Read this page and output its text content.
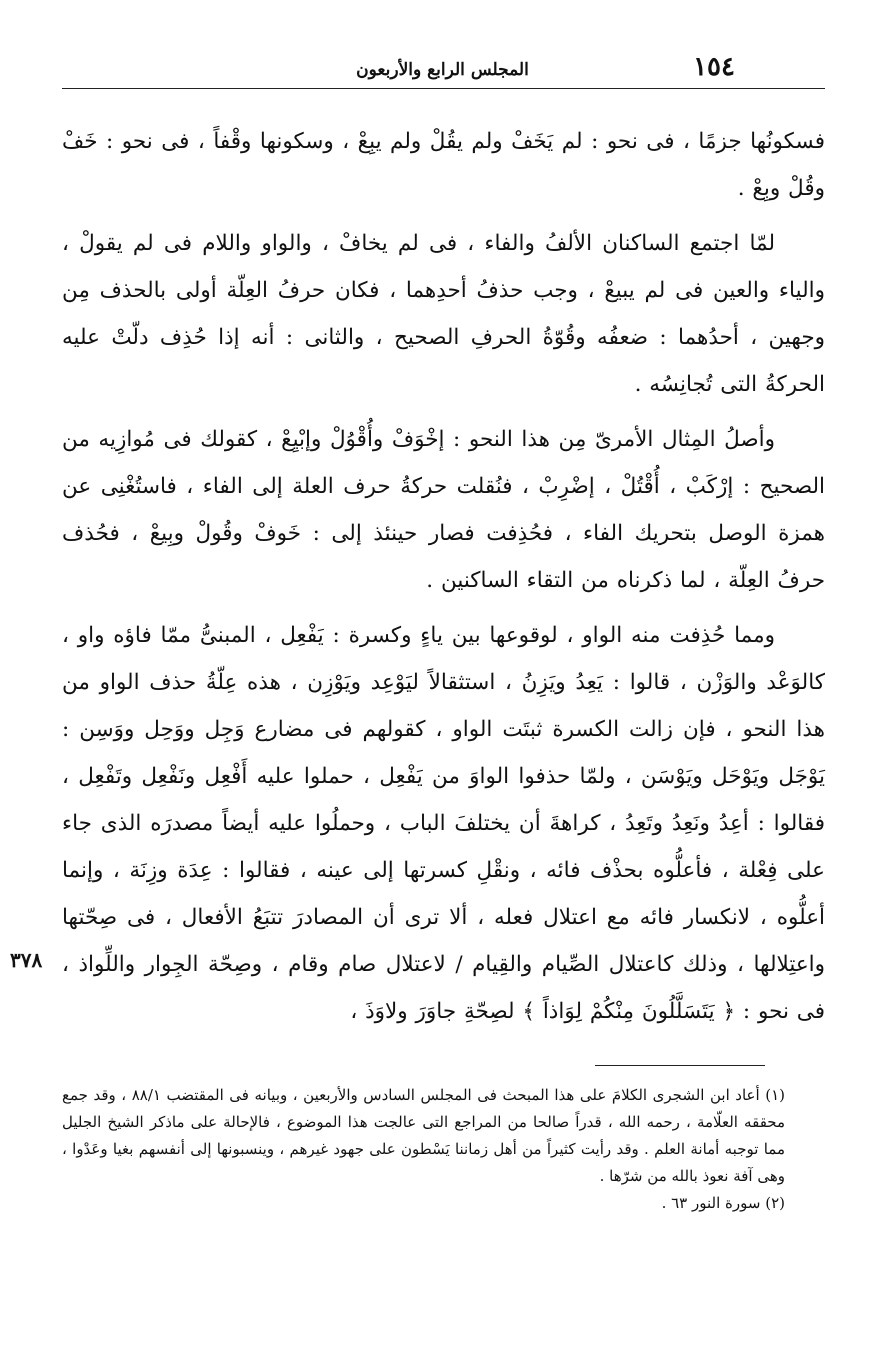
١٥٤
المجلس الرابع والأربعون

فسكونُها جزمًا ، فى نحو : لم يَخَفْ ولم يقُلْ ولم يبِعْ ، وسكونها وقْفاً ، فى نحو : خَفْ وقُلْ وبِعْ .

لمّا اجتمع الساكنان الألفُ والفاء ، فى لم يخافْ ، والواو واللام فى لم يقولْ ، والياء والعين فى لم يبيعْ ، وجب حذفُ أحدِهما ، فكان حرفُ العِلّة أولى بالحذف مِن وجهين ، أحدُهما : ضعفُه وقُوّةُ الحرفِ الصحيح ، والثانى : أنه إذا حُذِف دلّتْ عليه الحركةُ التى تُجانِسُه .

وأصلُ المِثال الأمرىّ مِن هذا النحو : إخْوَفْ وأُقْوُلْ وإبْيِعْ ، كقولك فى مُوازِيه من الصحيح : إرْكَبْ ، أُقْتُلْ ، إضْرِبْ ، فنُقلت حركةُ حرف العلة إلى الفاء ، فاستُغْنِى عن همزة الوصل بتحريك الفاء ، فحُذِفت فصار حينئذ إلى : خَوفْ وقُولْ وبِيعْ ، فحُذف حرفُ العِلّة ، لما ذكرناه من التقاء الساكنين .

ومما حُذِفت منه الواو ، لوقوعها بين ياءٍ وكسرة : يَفْعِل ، المبنىُّ ممّا فاؤه واو ، كالوَعْد والوَزْن ، قالوا : يَعِدُ ويَزِنُ ، استثقالاً ليَوْعِد ويَوْزِن ، هذه عِلّةُ حذف الواو من هذا النحو ، فإن زالت الكسرة ثبتَت الواو ، كقولهم فى مضارع وَجِل ووَحِل ووَسِن : يَوْجَل ويَوْحَل ويَوْسَن ، ولمّا حذفوا الواوَ من يَفْعِل ، حملوا عليه أَفْعِل ونَفْعِل وتَفْعِل ، فقالوا : أعِدُ ونَعِدُ وتَعِدُ ، كراهةَ أن يختلفَ الباب ، وحملُوا عليه أيضاً مصدرَه الذى جاء على فِعْلة ، فأعلُّوه بحذْف فائه ، ونقْلِ كسرتها إلى عينه ، فقالوا : عِدَة وزِنَة ، وإنما أعلُّوه ، لانكسار فائه مع اعتلال فعله ، ألا ترى أن المصادرَ تتبَعُ الأفعال ، فى صِحّتها واعتِلالها ، وذلك كاعتلال الصِّيام والقِيام / لاعتلال صام وقام ، وصِحّة الجِوار واللِّواذ ، فى نحو : ﴿ يَتَسَلَّلُونَ مِنْكُمْ لِوَاذاً ﴾ لصِحّةِ جاوَرَ ولاوَذَ ،

٣٧٨

(١) أعاد ابن الشجرى الكلامَ على هذا المبحث فى المجلس السادس والأربعين ، وبيانه فى المقتضب ٨٨/١ ، وقد جمع محققه العلّامة ، رحمه الله ، قدراً صالحا من المراجع التى عالجت هذا الموضوع ، فالإحالة على ماذكر الشيخ الجليل مما توجبه أمانة العلم . وقد رأيت كثيراً من أهل زماننا يَسْطون على جهود غيرهم ، وينسبونها إلى أنفسهم بغيا وعَدْوا ، وهى آفة نعوذ بالله من شرّها .

(٢) سورة النور ٦٣ .
